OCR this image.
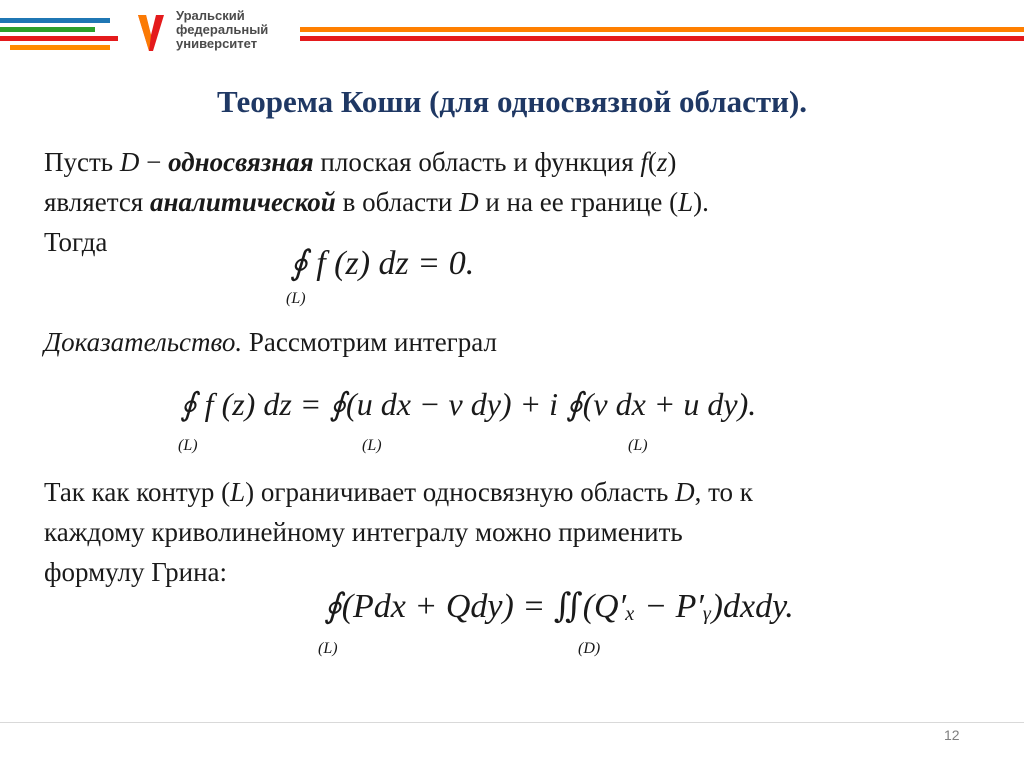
Уральский
федеральный
университет
Теорема Коши (для односвязной области).
Пусть D − односвязная плоская область и функция f(z)
является аналитической в области D и на ее границе (L).
Тогда
∮ f (z) dz = 0.
(L)
Доказательство. Рассмотрим интеграл
∮ f (z) dz = ∮(u dx − v dy) + i ∮(v dx + u dy).
(L)	(L)	(L)
Так как контур (L) ограничивает односвязную область D, то к
каждому криволинейному интегралу можно применить
формулу Грина:
∮(Pdx + Qdy) = ∬(Q′ₓ − P′ᵧ)dxdy.
(L)	(D)
12
